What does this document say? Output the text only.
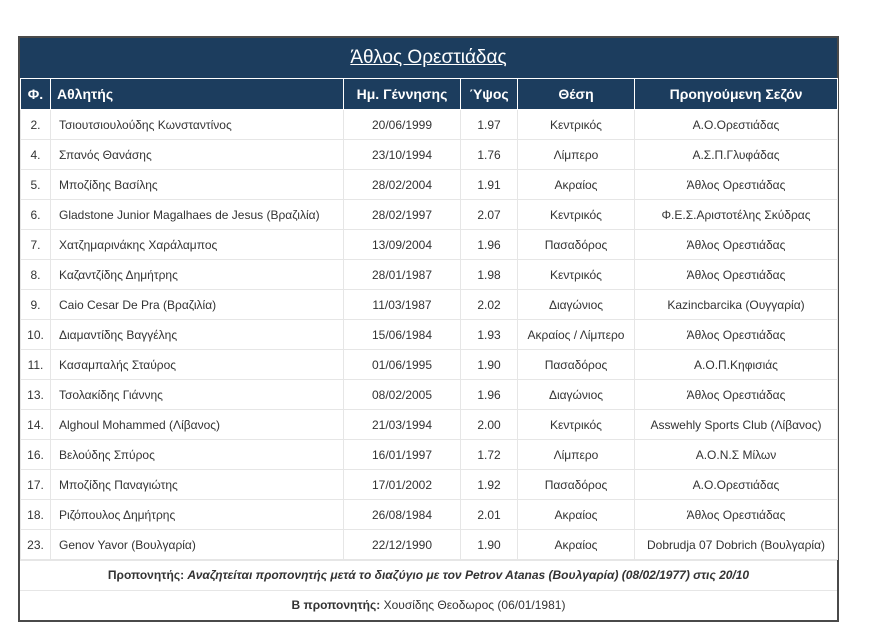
Άθλος Ορεστιάδας
Φ.	Αθλητής	Ημ. Γέννησης	Ύψος	Θέση	Προηγούμενη Σεζόν
2.	Τσιουτσιουλούδης Κωνσταντίνος	20/06/1999	1.97	Κεντρικός	Α.Ο.Ορεστιάδας
4.	Σπανός Θανάσης	23/10/1994	1.76	Λίμπερο	Α.Σ.Π.Γλυφάδας
5.	Μποζίδης Βασίλης	28/02/2004	1.91	Ακραίος	Άθλος Ορεστιάδας
6.	Gladstone Junior Magalhaes de Jesus (Βραζιλία)	28/02/1997	2.07	Κεντρικός	Φ.Ε.Σ.Αριστοτέλης Σκύδρας
7.	Χατζημαρινάκης Χαράλαμπος	13/09/2004	1.96	Πασαδόρος	Άθλος Ορεστιάδας
8.	Καζαντζίδης Δημήτρης	28/01/1987	1.98	Κεντρικός	Άθλος Ορεστιάδας
9.	Caio Cesar De Pra (Βραζιλία)	11/03/1987	2.02	Διαγώνιος	Kazincbarcika (Ουγγαρία)
10.	Διαμαντίδης Βαγγέλης	15/06/1984	1.93	Ακραίος / Λίμπερο	Άθλος Ορεστιάδας
11.	Κασαμπαλής Σταύρος	01/06/1995	1.90	Πασαδόρος	Α.Ο.Π.Κηφισιάς
13.	Τσολακίδης Γιάννης	08/02/2005	1.96	Διαγώνιος	Άθλος Ορεστιάδας
14.	Alghoul Mohammed (Λίβανος)	21/03/1994	2.00	Κεντρικός	Asswehly Sports Club (Λίβανος)
16.	Βελούδης Σπύρος	16/01/1997	1.72	Λίμπερο	Α.Ο.Ν.Σ Μίλων
17.	Μποζίδης Παναγιώτης	17/01/2002	1.92	Πασαδόρος	Α.Ο.Ορεστιάδας
18.	Ριζόπουλος Δημήτρης	26/08/1984	2.01	Ακραίος	Άθλος Ορεστιάδας
23.	Genov Yavor (Βουλγαρία)	22/12/1990	1.90	Ακραίος	Dobrudja 07 Dobrich (Βουλγαρία)
Προπονητής: Αναζητείται προπονητής μετά το διαζύγιο με τον Petrov Atanas (Βουλγαρία) (08/02/1977) στις 20/10
Β προπονητής: Χουσίδης Θεοδωρος (06/01/1981)
